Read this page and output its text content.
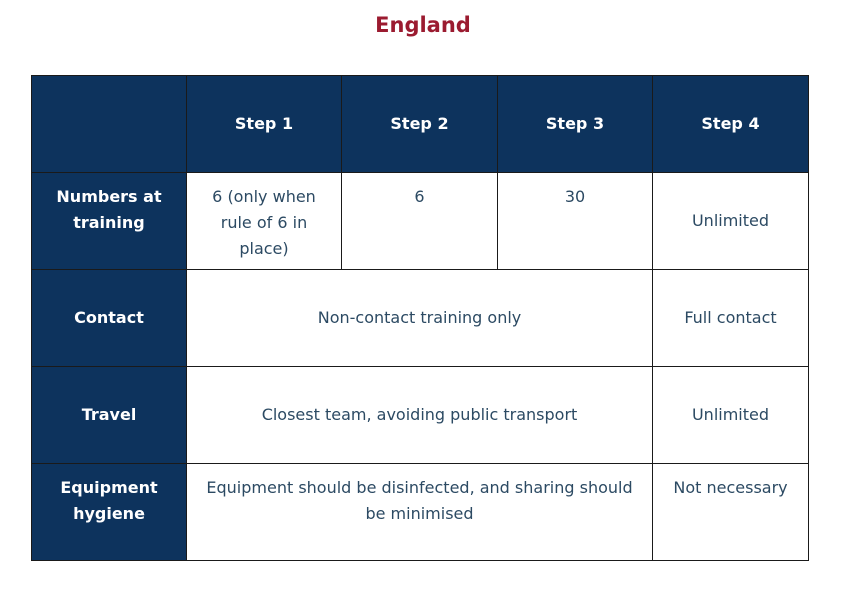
England
	Step 1	Step 2	Step 3	Step 4
Numbers at training	6 (only when rule of 6 in place)	6	30	Unlimited
Contact	Non-contact training only			Full contact
Travel	Closest team, avoiding public transport			Unlimited
Equipment hygiene	Equipment should be disinfected, and sharing should be minimised			Not necessary
